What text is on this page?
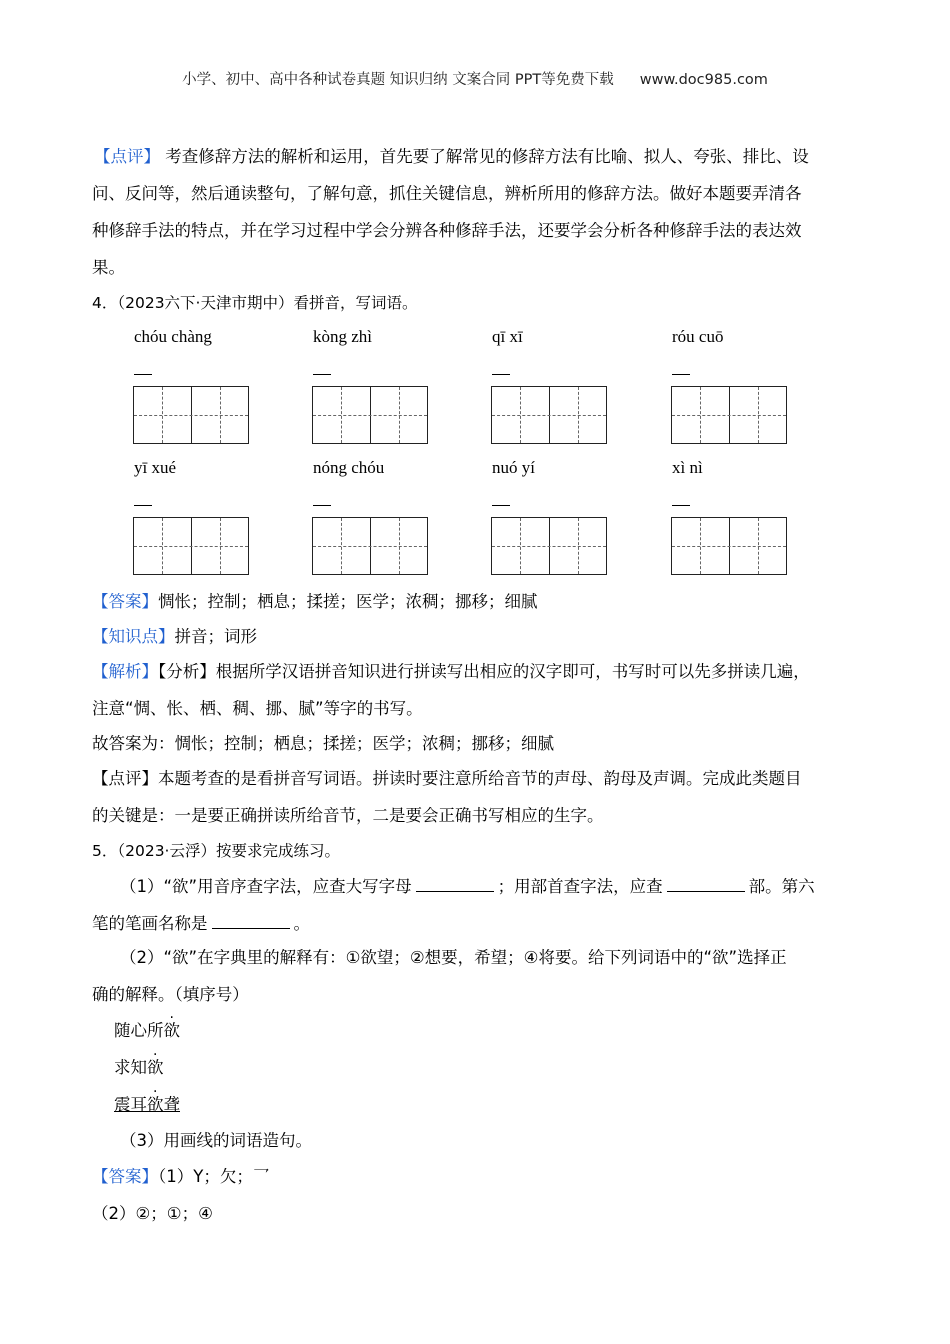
小学、初中、高中各种试卷真题 知识归纳 文案合同 PPT等免费下载 www.doc985.com
【点评】 考查修辞方法的解析和运用，首先要了解常见的修辞方法有比喻、拟人、夸张、排比、设
问、反问等，然后通读整句，了解句意，抓住关键信息，辨析所用的修辞方法。做好本题要弄清各
种修辞手法的特点，并在学习过程中学会分辨各种修辞手法，还要学会分析各种修辞手法的表达效
果。
4．（2023六下·天津市期中）看拼音，写词语。
chóu chàng	kòng zhì	qī xī	róu cuō
yī xué	nóng chóu	nuó yí	xì nì
【答案】惆怅；控制；栖息；揉搓；医学；浓稠；挪移；细腻
【知识点】拼音；词形
【解析】【分析】根据所学汉语拼音知识进行拼读写出相应的汉字即可，书写时可以先多拼读几遍，
注意“惆、怅、栖、稠、挪、腻”等字的书写。
故答案为：惆怅；控制；栖息；揉搓；医学；浓稠；挪移；细腻
【点评】本题考查的是看拼音写词语。拼读时要注意所给音节的声母、韵母及声调。完成此类题目
的关键是：一是要正确拼读所给音节，二是要会正确书写相应的生字。
5．（2023·云浮）按要求完成练习。
（1）“欲”用音序查字法，应查大写字母	；用部首查字法，应查	部。第六
笔的笔画名称是	。
（2）“欲”在字典里的解释有：①欲望；②想要，希望；④将要。给下列词语中的“欲”选择正
确的解释。（填序号）
随心所欲
求知欲
震耳欲聋
（3）用画线的词语造句。
【答案】（1）Y；欠；乛
（2）②；①；④
